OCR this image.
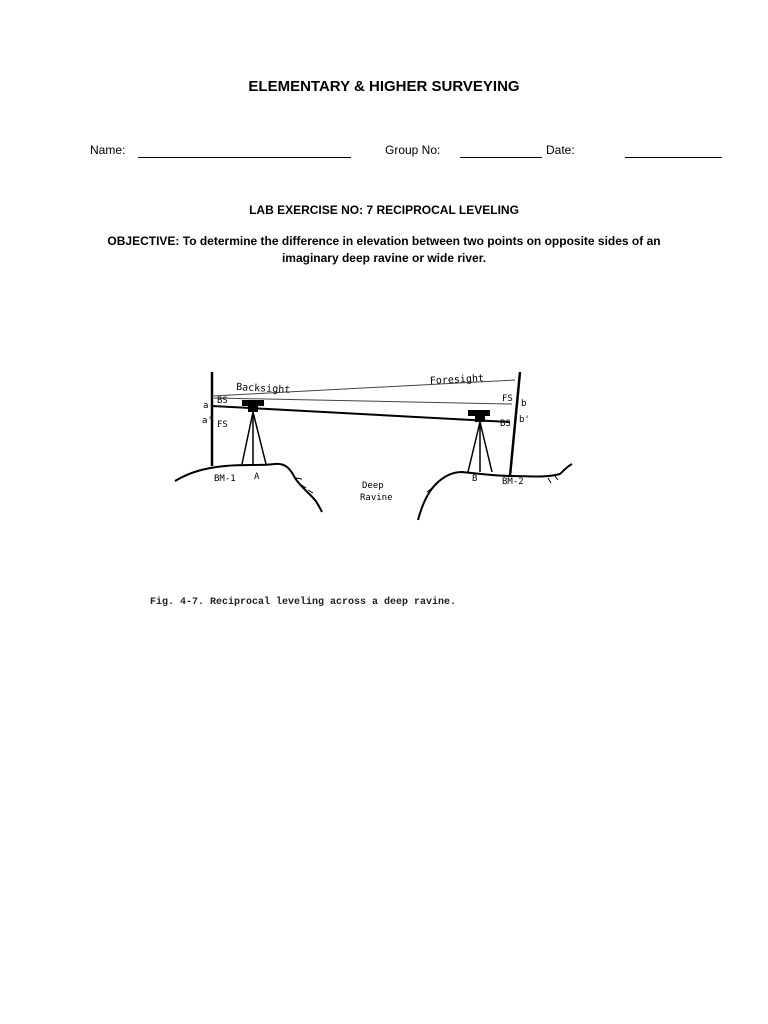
ELEMENTARY & HIGHER SURVEYING
Name:	Group No:	Date:
LAB EXERCISE NO: 7 RECIPROCAL LEVELING
OBJECTIVE: To determine the difference in elevation between two points on opposite sides of an imaginary deep ravine or wide river.
Backsight
Foresight
BS
FS
a
a'
FS
BS
b
b'
BM-1 A	B	BM-2
Deep
Ravine
Fig. 4-7. Reciprocal leveling across a deep ravine.
